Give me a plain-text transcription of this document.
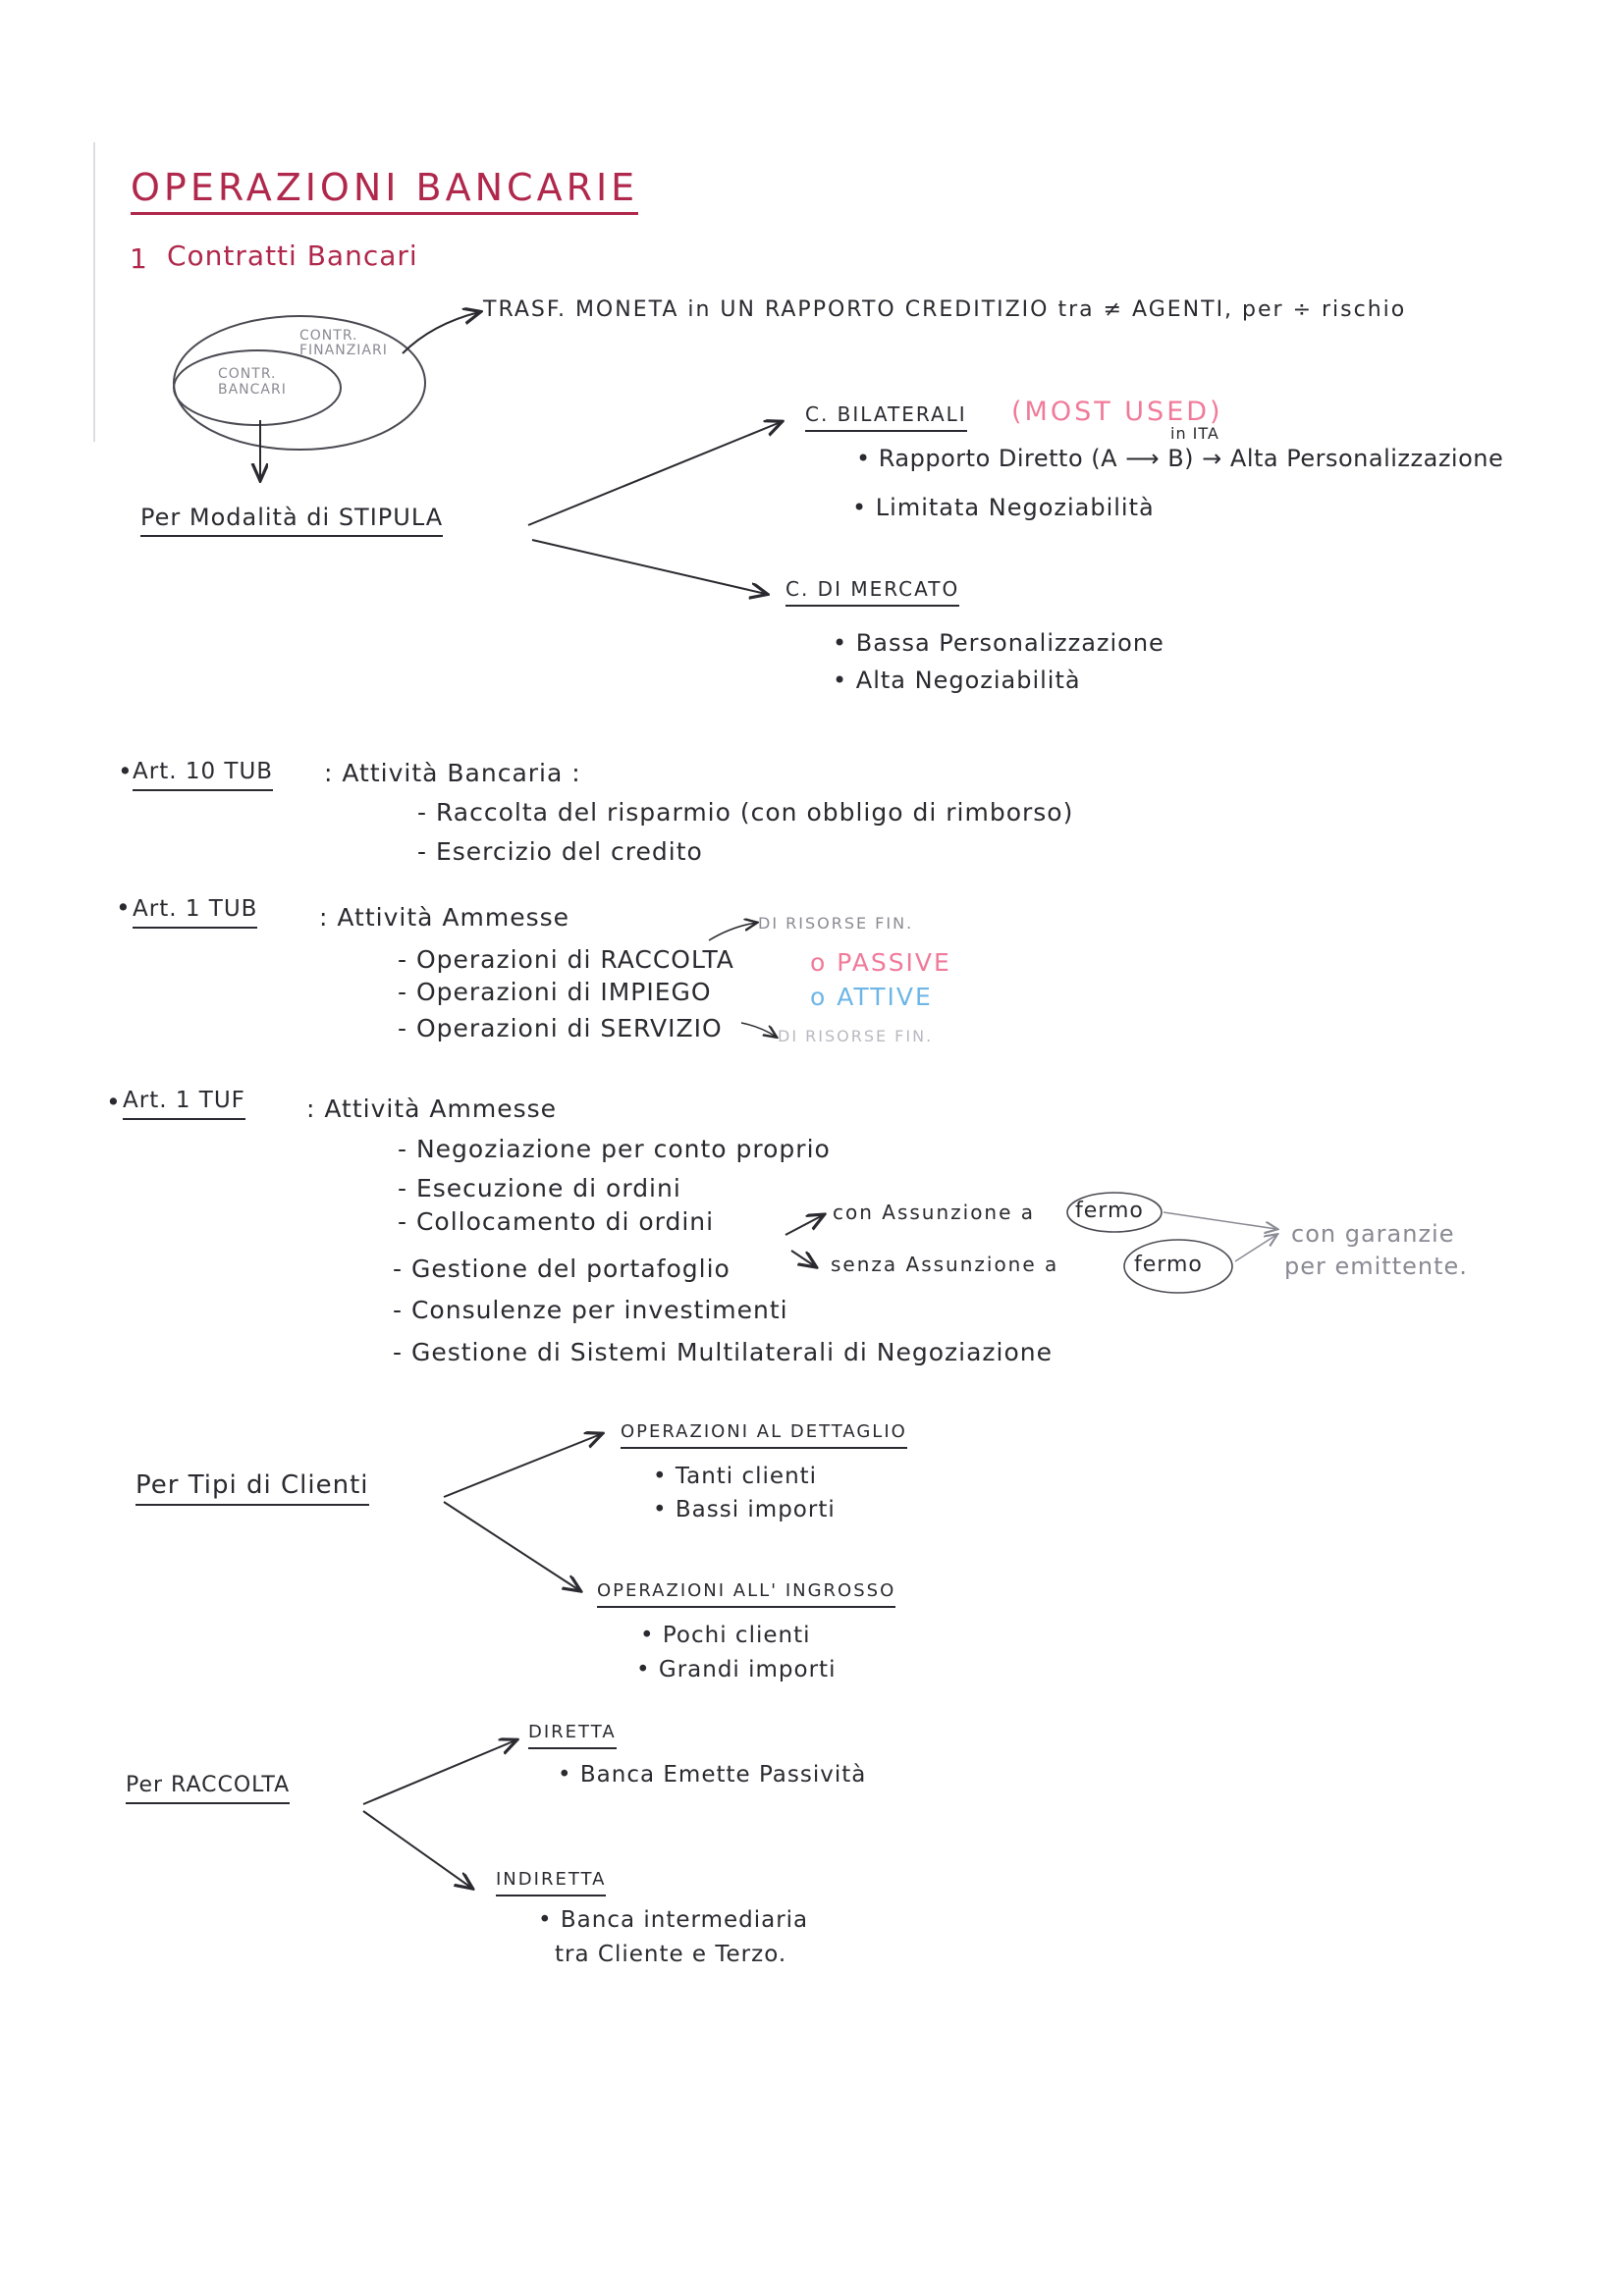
OPERAZIONI BANCARIE
1 Contratti Bancari
CONTR. FINANZIARI
CONTR. BANCARI
TRASF. MONETA in UN RAPPORTO CREDITIZIO tra ≠ AGENTI, per ÷ rischio
Per Modalità di STIPULA
C. BILATERALI (MOST USED)
in ITA
• Rapporto Diretto (A ⟶ B) → Alta Personalizzazione
• Limitata Negoziabilità
C. DI MERCATO
• Bassa Personalizzazione
• Alta Negoziabilità
• Art. 10 TUB : Attività Bancaria :
- Raccolta del risparmio (con obbligo di rimborso)
- Esercizio del credito
• Art. 1 TUB	: Attività Ammesse	DI RISORSE FIN.
- Operazioni di RACCOLTA	o PASSIVE
- Operazioni di IMPIEGO	o ATTIVE
- Operazioni di SERVIZIO	DI RISORSE FIN.
• Art. 1 TUF : Attività Ammesse
- Negoziazione per conto proprio
- Esecuzione di ordini
- Collocamento di ordini
- Gestione del portafoglio
- Consulenze per investimenti
- Gestione di Sistemi Multilaterali di Negoziazione
con Assunzione a fermo
senza Assunzione a	fermo
con garanzie
per emittente.
Per Tipi di Clienti
OPERAZIONI AL DETTAGLIO
• Tanti clienti
• Bassi importi
OPERAZIONI ALL' INGROSSO
• Pochi clienti
• Grandi importi
Per RACCOLTA
DIRETTA
• Banca Emette Passività
INDIRETTA
• Banca intermediaria
tra Cliente e Terzo.
